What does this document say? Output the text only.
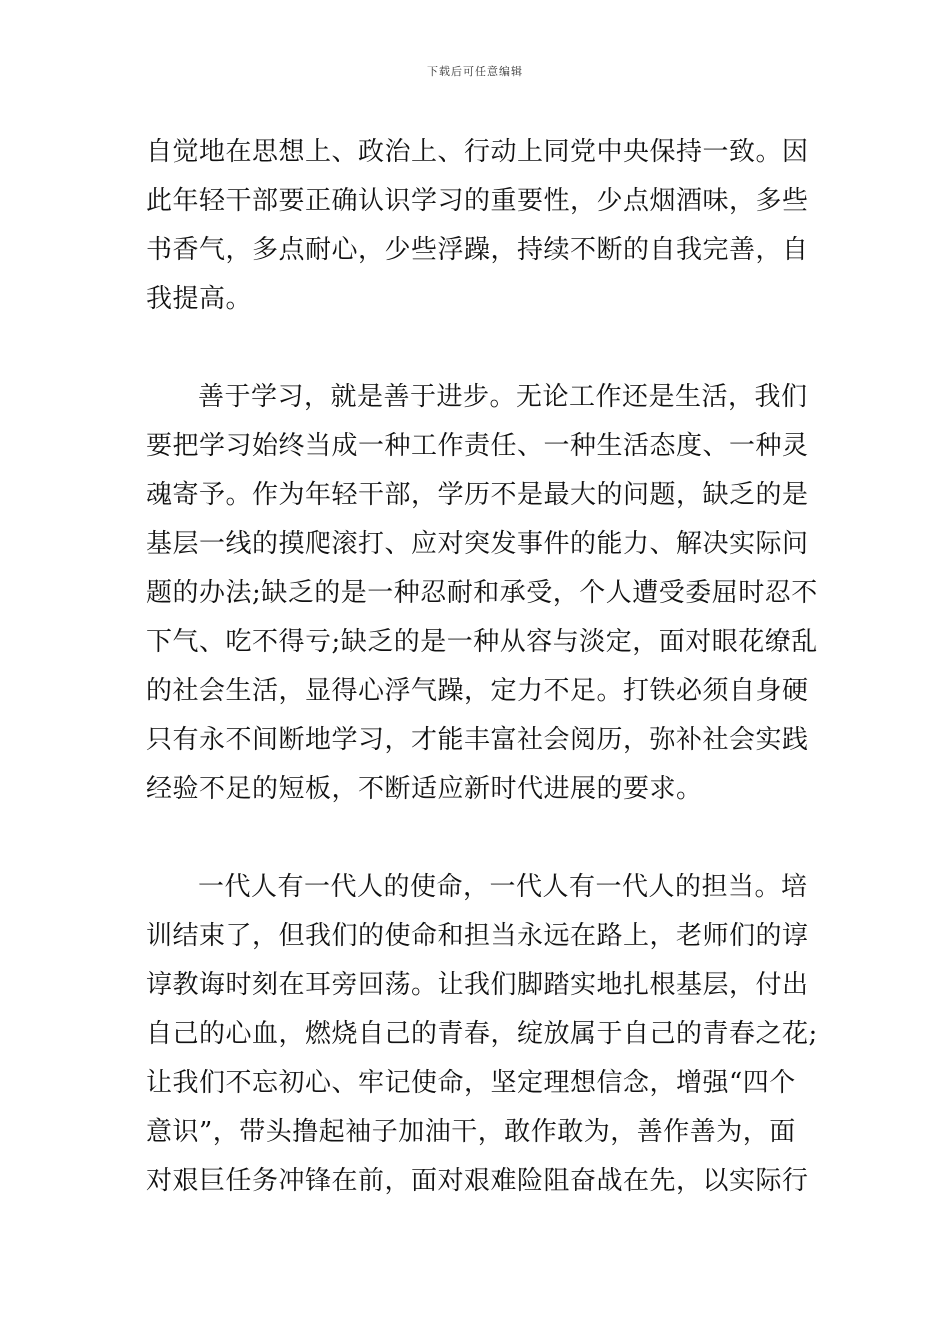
下载后可任意编辑
自觉地在思想上、政治上、行动上同党中央保持一致。因
此年轻干部要正确认识学习的重要性，少点烟酒味，多些
书香气，多点耐心，少些浮躁，持续不断的自我完善，自
我提高。
善于学习，就是善于进步。无论工作还是生活，我们
要把学习始终当成一种工作责任、一种生活态度、一种灵
魂寄予。作为年轻干部，学历不是最大的问题，缺乏的是
基层一线的摸爬滚打、应对突发事件的能力、解决实际问
题的办法;缺乏的是一种忍耐和承受，个人遭受委屈时忍不
下气、吃不得亏;缺乏的是一种从容与淡定，面对眼花缭乱
的社会生活，显得心浮气躁，定力不足。打铁必须自身硬
只有永不间断地学习，才能丰富社会阅历，弥补社会实践
经验不足的短板，不断适应新时代进展的要求。
一代人有一代人的使命，一代人有一代人的担当。培
训结束了，但我们的使命和担当永远在路上，老师们的谆
谆教诲时刻在耳旁回荡。让我们脚踏实地扎根基层，付出
自己的心血，燃烧自己的青春，绽放属于自己的青春之花;
让我们不忘初心、牢记使命，坚定理想信念，增强“四个
意识”，带头撸起袖子加油干，敢作敢为，善作善为，面
对艰巨任务冲锋在前，面对艰难险阻奋战在先，以实际行
